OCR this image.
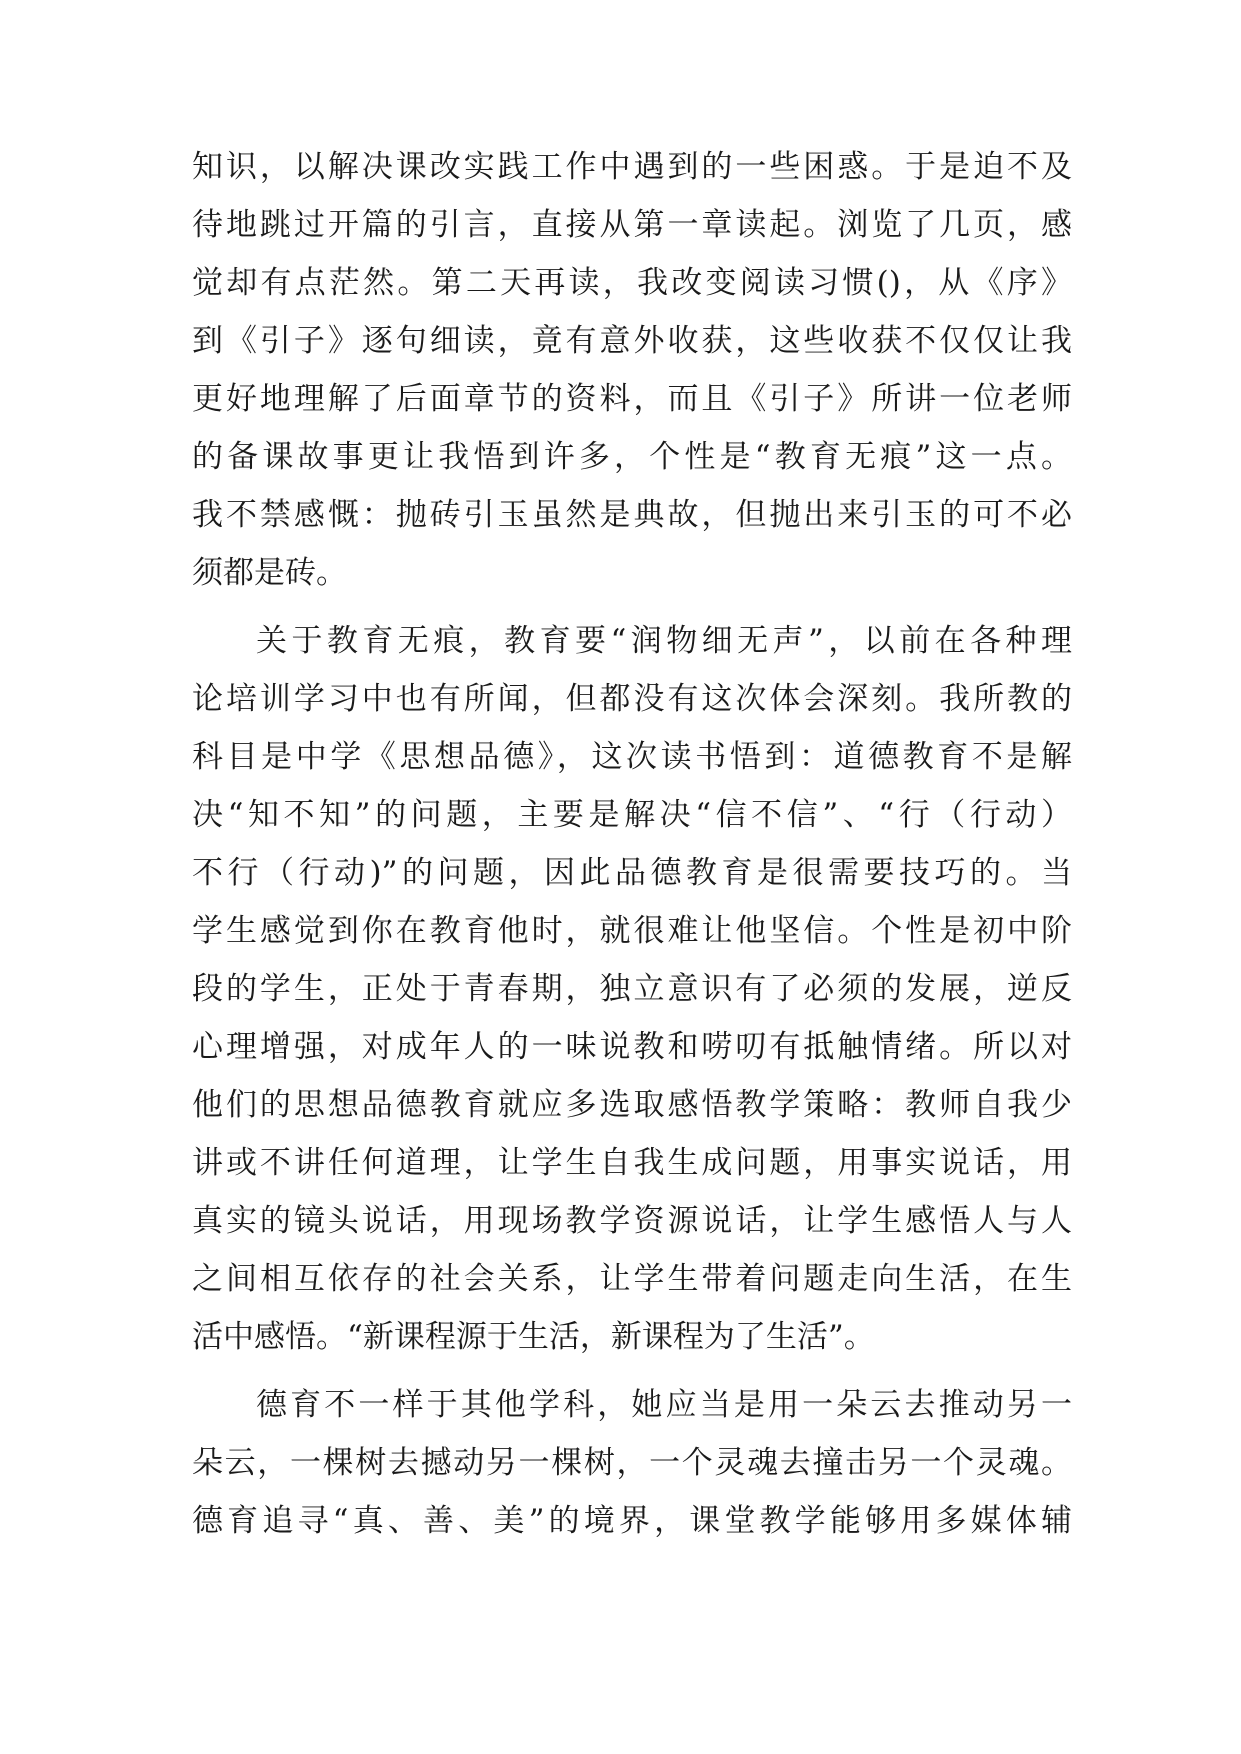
知识，以解决课改实践工作中遇到的一些困惑。于是迫不及
待地跳过开篇的引言，直接从第一章读起。浏览了几页，感
觉却有点茫然。第二天再读，我改变阅读习惯()，从《序》
到《引子》逐句细读，竟有意外收获，这些收获不仅仅让我
更好地理解了后面章节的资料，而且《引子》所讲一位老师
的备课故事更让我悟到许多，个性是“教育无痕”这一点。
我不禁感慨：抛砖引玉虽然是典故，但抛出来引玉的可不必
须都是砖。
关于教育无痕，教育要“润物细无声”，以前在各种理
论培训学习中也有所闻，但都没有这次体会深刻。我所教的
科目是中学《思想品德》，这次读书悟到：道德教育不是解
决“知不知”的问题，主要是解决“信不信”、“行（行动）
不行（行动)”的问题，因此品德教育是很需要技巧的。当
学生感觉到你在教育他时，就很难让他坚信。个性是初中阶
段的学生，正处于青春期，独立意识有了必须的发展，逆反
心理增强，对成年人的一味说教和唠叨有抵触情绪。所以对
他们的思想品德教育就应多选取感悟教学策略：教师自我少
讲或不讲任何道理，让学生自我生成问题，用事实说话，用
真实的镜头说话，用现场教学资源说话，让学生感悟人与人
之间相互依存的社会关系，让学生带着问题走向生活，在生
活中感悟。“新课程源于生活，新课程为了生活”。
德育不一样于其他学科，她应当是用一朵云去推动另一
朵云，一棵树去撼动另一棵树，一个灵魂去撞击另一个灵魂。
德育追寻“真、善、美”的境界，课堂教学能够用多媒体辅
